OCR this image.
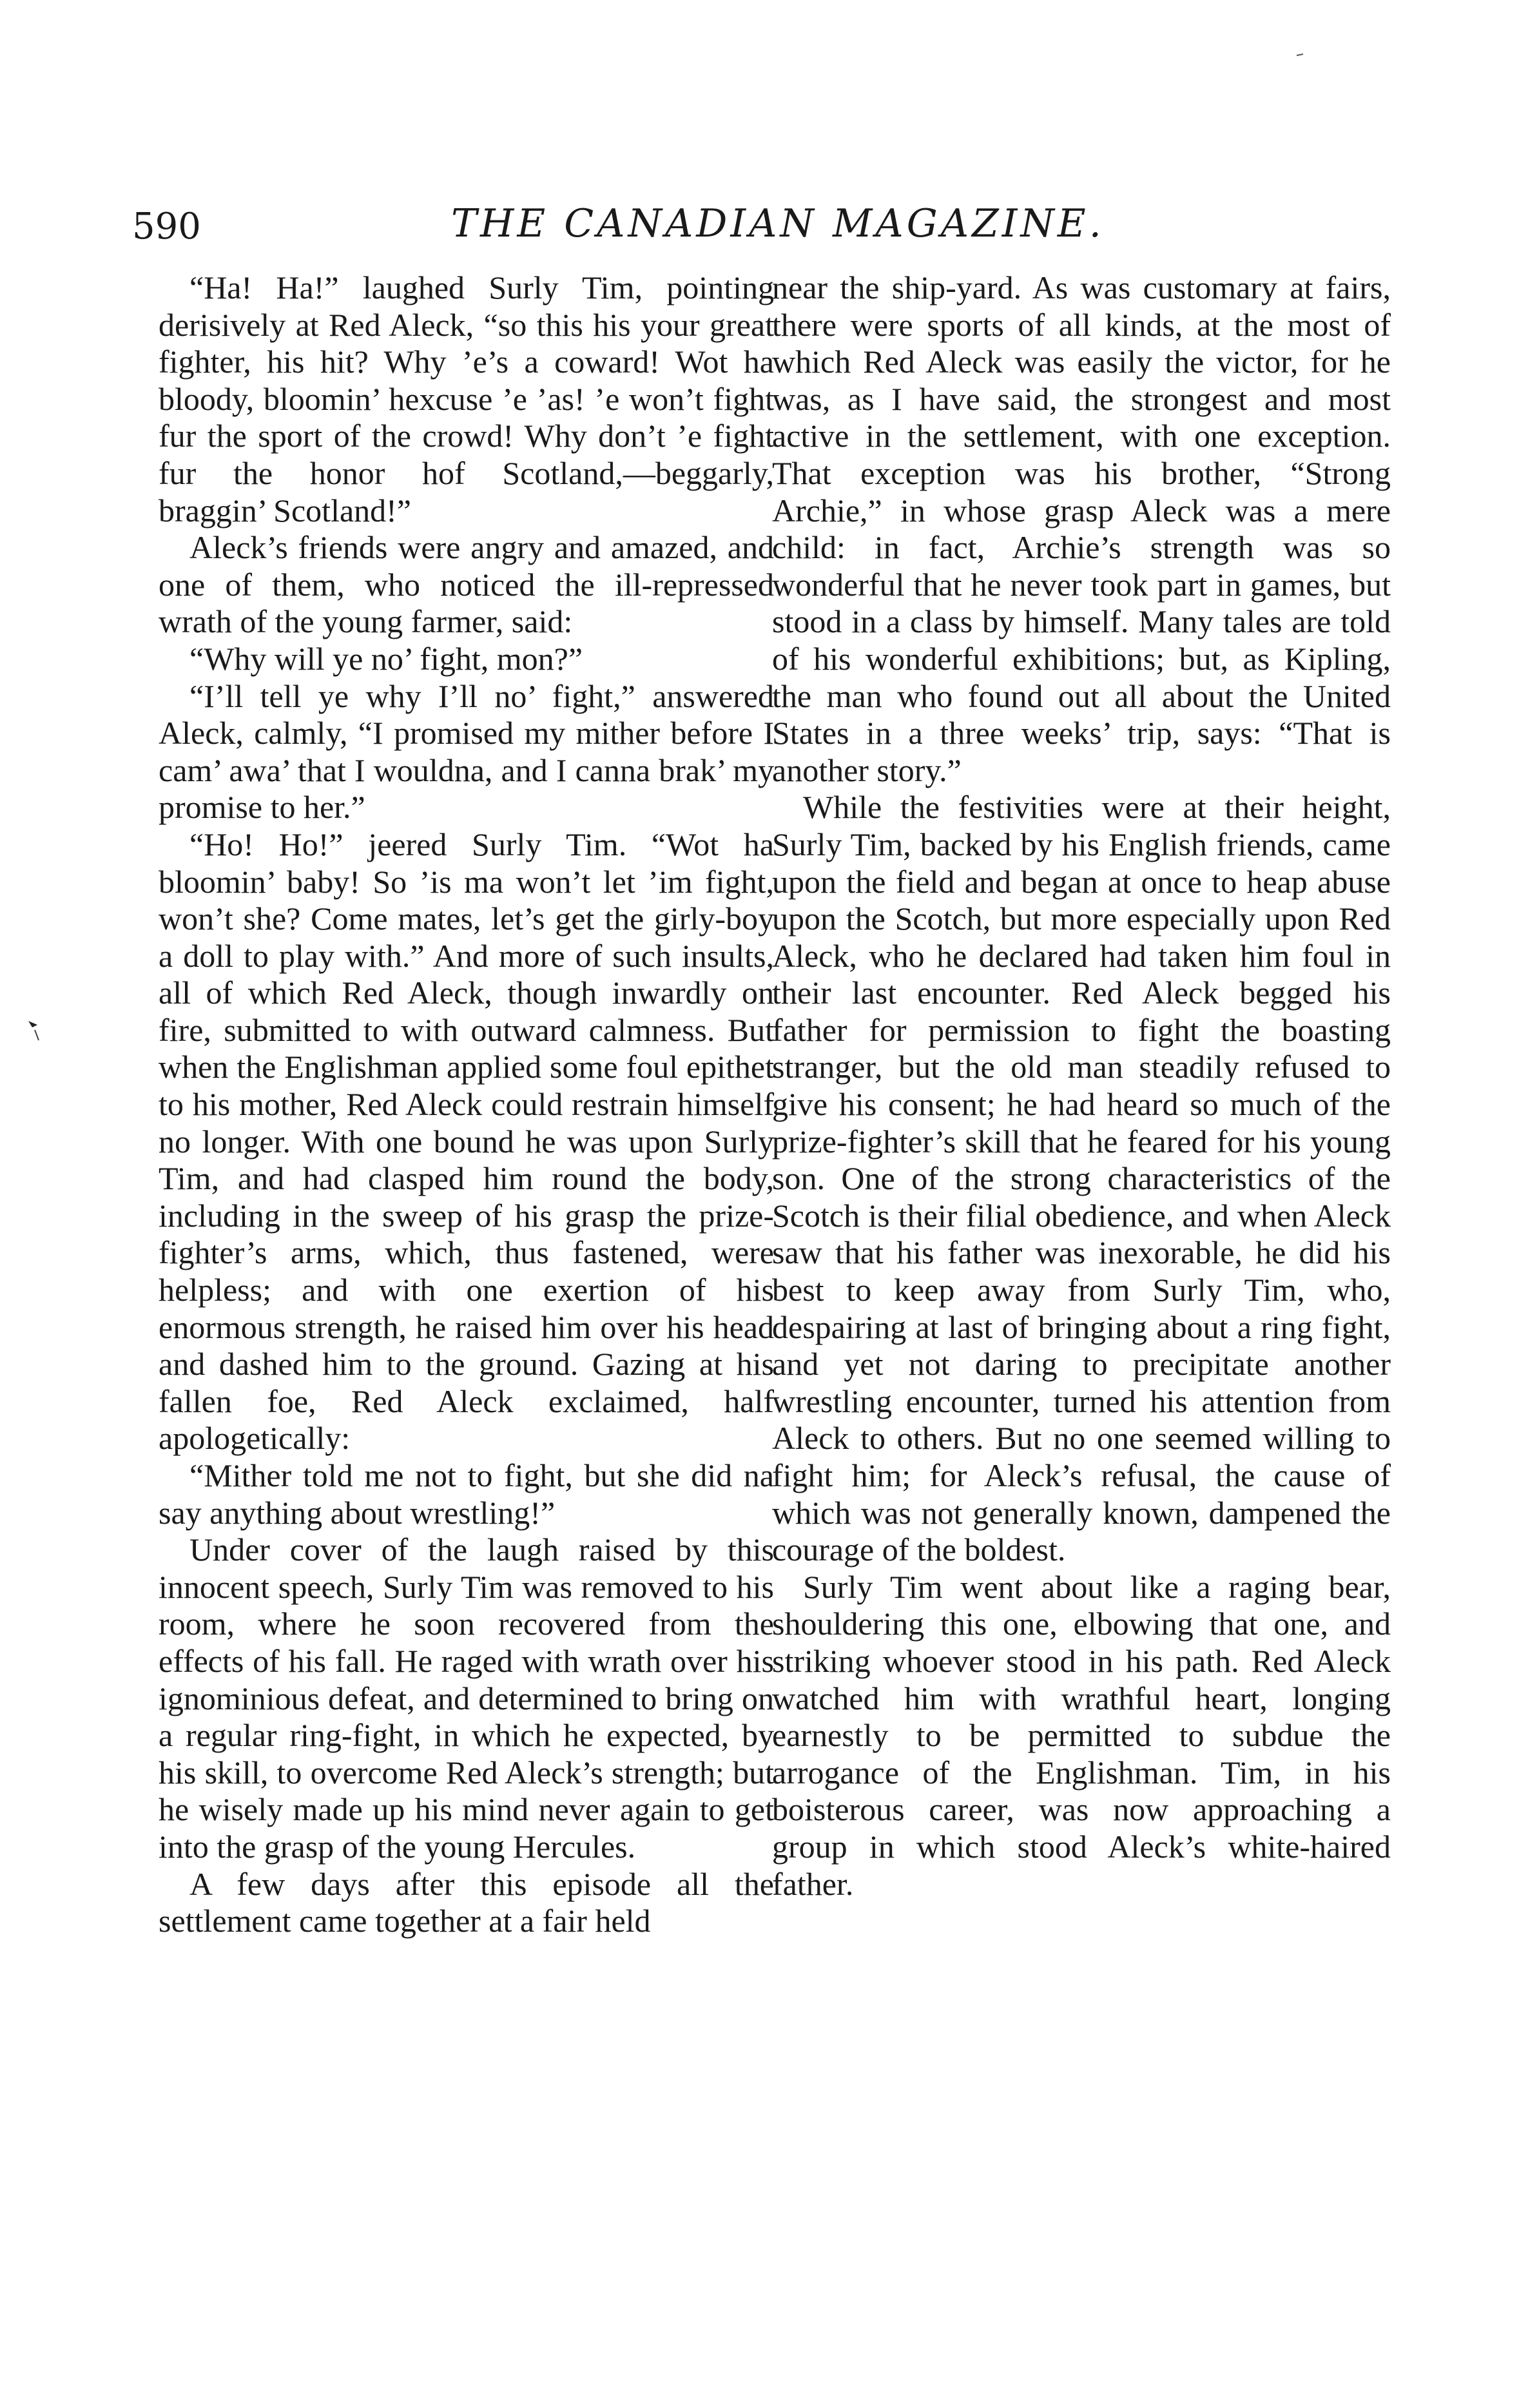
590	THE CANADIAN MAGAZINE.

“Ha! Ha!” laughed Surly Tim, pointing derisively at Red Aleck, “so this his your great fighter, his hit? Why ’e’s a coward! Wot ha bloody, bloomin’ hexcuse ’e ’as! ’e won’t fight fur the sport of the crowd! Why don’t ’e fight fur the honor hof Scotland,—beggarly, braggin’ Scotland!”

Aleck’s friends were angry and amazed, and one of them, who noticed the ill-repressed wrath of the young farmer, said:

“Why will ye no’ fight, mon?”

“I’ll tell ye why I’ll no’ fight,” answered Aleck, calmly, “I promised my mither before I cam’ awa’ that I wouldna, and I canna brak’ my promise to her.”

“Ho! Ho!” jeered Surly Tim. “Wot ha bloomin’ baby! So ’is ma won’t let ’im fight, won’t she? Come mates, let’s get the girly-boy a doll to play with.” And more of such insults, all of which Red Aleck, though inwardly on fire, submitted to with outward calmness. But when the Englishman applied some foul epithet to his mother, Red Aleck could restrain himself no longer. With one bound he was upon Surly Tim, and had clasped him round the body, including in the sweep of his grasp the prize-fighter’s arms, which, thus fastened, were helpless; and with one exertion of his enormous strength, he raised him over his head and dashed him to the ground. Gazing at his fallen foe, Red Aleck exclaimed, half apologetically:

“Mither told me not to fight, but she did na say anything about wrestling!”

Under cover of the laugh raised by this innocent speech, Surly Tim was removed to his room, where he soon recovered from the effects of his fall. He raged with wrath over his ignominious defeat, and determined to bring on a regular ring-fight, in which he expected, by his skill, to overcome Red Aleck’s strength; but he wisely made up his mind never again to get into the grasp of the young Hercules.

A few days after this episode all the settlement came together at a fair held

near the ship-yard. As was customary at fairs, there were sports of all kinds, at the most of which Red Aleck was easily the victor, for he was, as I have said, the strongest and most active in the settlement, with one exception. That exception was his brother, “Strong Archie,” in whose grasp Aleck was a mere child: in fact, Archie’s strength was so wonderful that he never took part in games, but stood in a class by himself. Many tales are told of his wonderful exhibitions; but, as Kipling, the man who found out all about the United States in a three weeks’ trip, says: “That is another story.”

While the festivities were at their height, Surly Tim, backed by his English friends, came upon the field and began at once to heap abuse upon the Scotch, but more especially upon Red Aleck, who he declared had taken him foul in their last encounter. Red Aleck begged his father for permission to fight the boasting stranger, but the old man steadily refused to give his consent; he had heard so much of the prize-fighter’s skill that he feared for his young son. One of the strong characteristics of the Scotch is their filial obedience, and when Aleck saw that his father was inexorable, he did his best to keep away from Surly Tim, who, despairing at last of bringing about a ring fight, and yet not daring to precipitate another wrestling encounter, turned his attention from Aleck to others. But no one seemed willing to fight him; for Aleck’s refusal, the cause of which was not generally known, dampened the courage of the boldest.

Surly Tim went about like a raging bear, shouldering this one, elbowing that one, and striking whoever stood in his path. Red Aleck watched him with wrathful heart, longing earnestly to be permitted to subdue the arrogance of the Englishman. Tim, in his boisterous career, was now approaching a group in which stood Aleck’s white-haired father.
